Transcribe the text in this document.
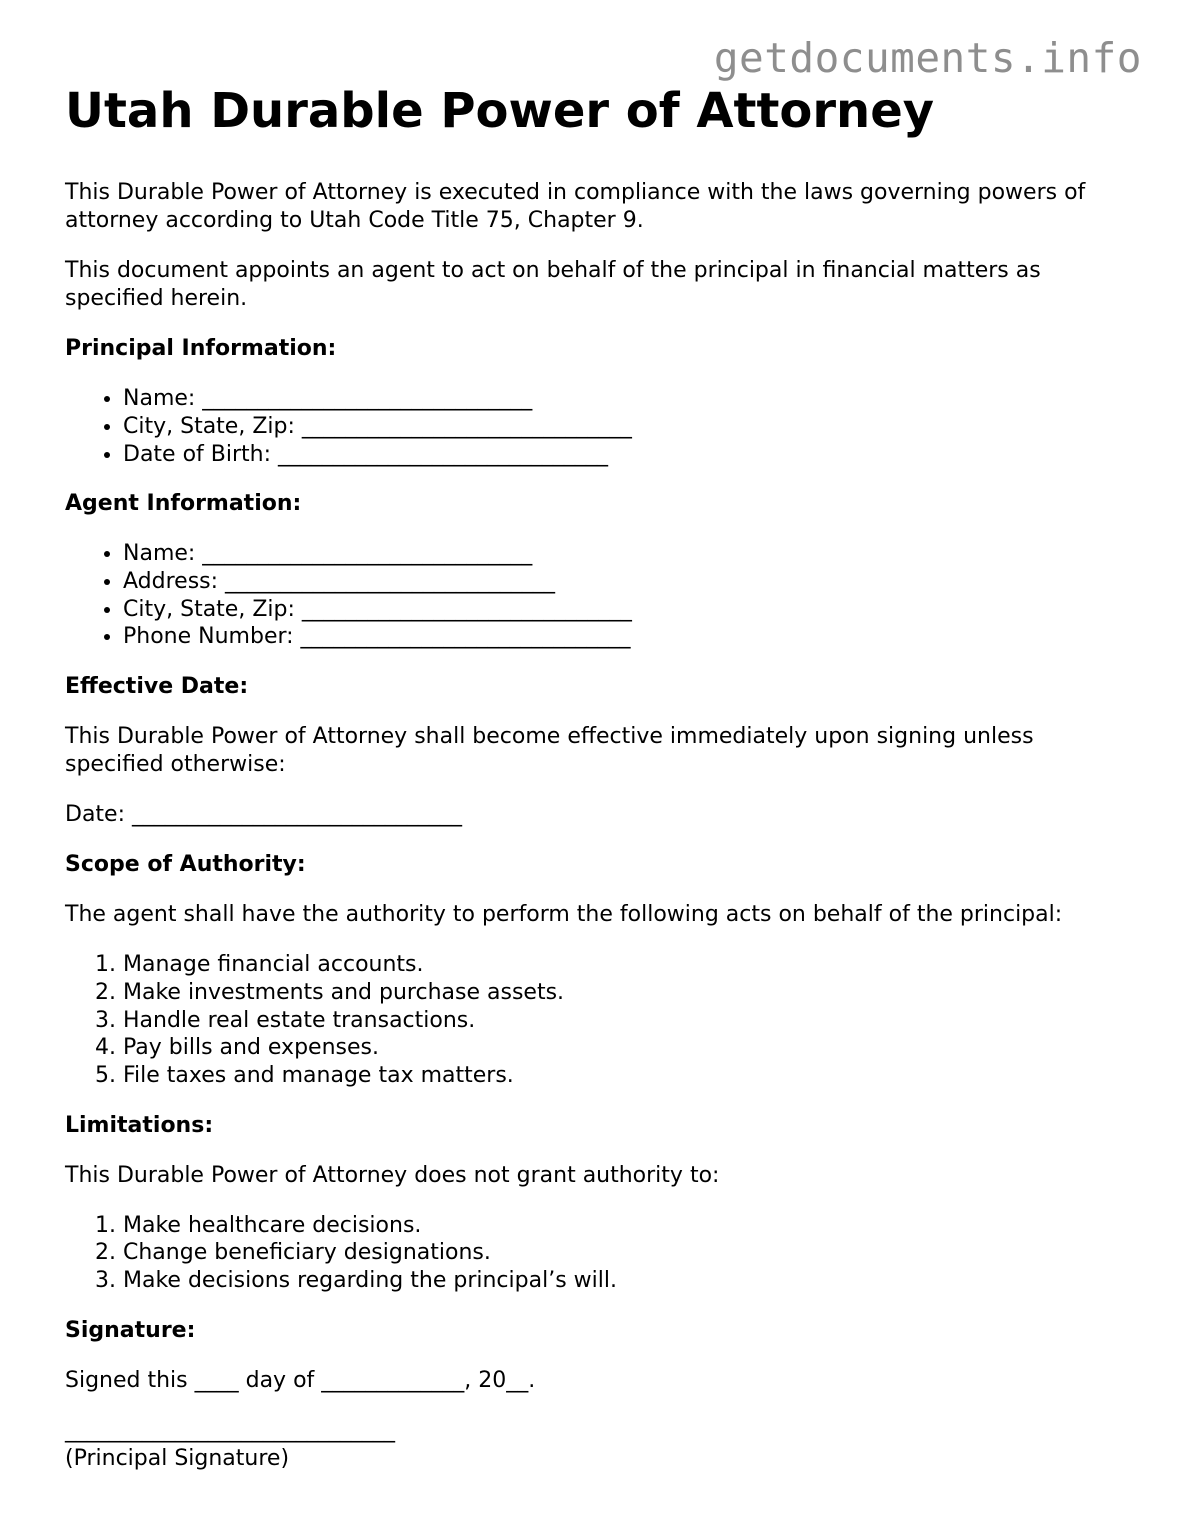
getdocuments.info
Utah Durable Power of Attorney

This Durable Power of Attorney is executed in compliance with the laws governing powers of attorney according to Utah Code Title 75, Chapter 9.

This document appoints an agent to act on behalf of the principal in financial matters as specified herein.

Principal Information:
• Name: ______________________________
• City, State, Zip: ______________________________
• Date of Birth: ______________________________
Agent Information:
• Name: ______________________________
• Address: ______________________________
• City, State, Zip: ______________________________
• Phone Number: ______________________________
Effective Date:

This Durable Power of Attorney shall become effective immediately upon signing unless specified otherwise:

Date: ______________________________

Scope of Authority:

The agent shall have the authority to perform the following acts on behalf of the principal:

1. Manage financial accounts.
2. Make investments and purchase assets.
3. Handle real estate transactions.
4. Pay bills and expenses.
5. File taxes and manage tax matters.
Limitations:

This Durable Power of Attorney does not grant authority to:

1. Make healthcare decisions.
2. Change beneficiary designations.
3. Make decisions regarding the principal’s will.
Signature:

Signed this ____ day of _____________, 20__.

______________________________
(Principal Signature)
